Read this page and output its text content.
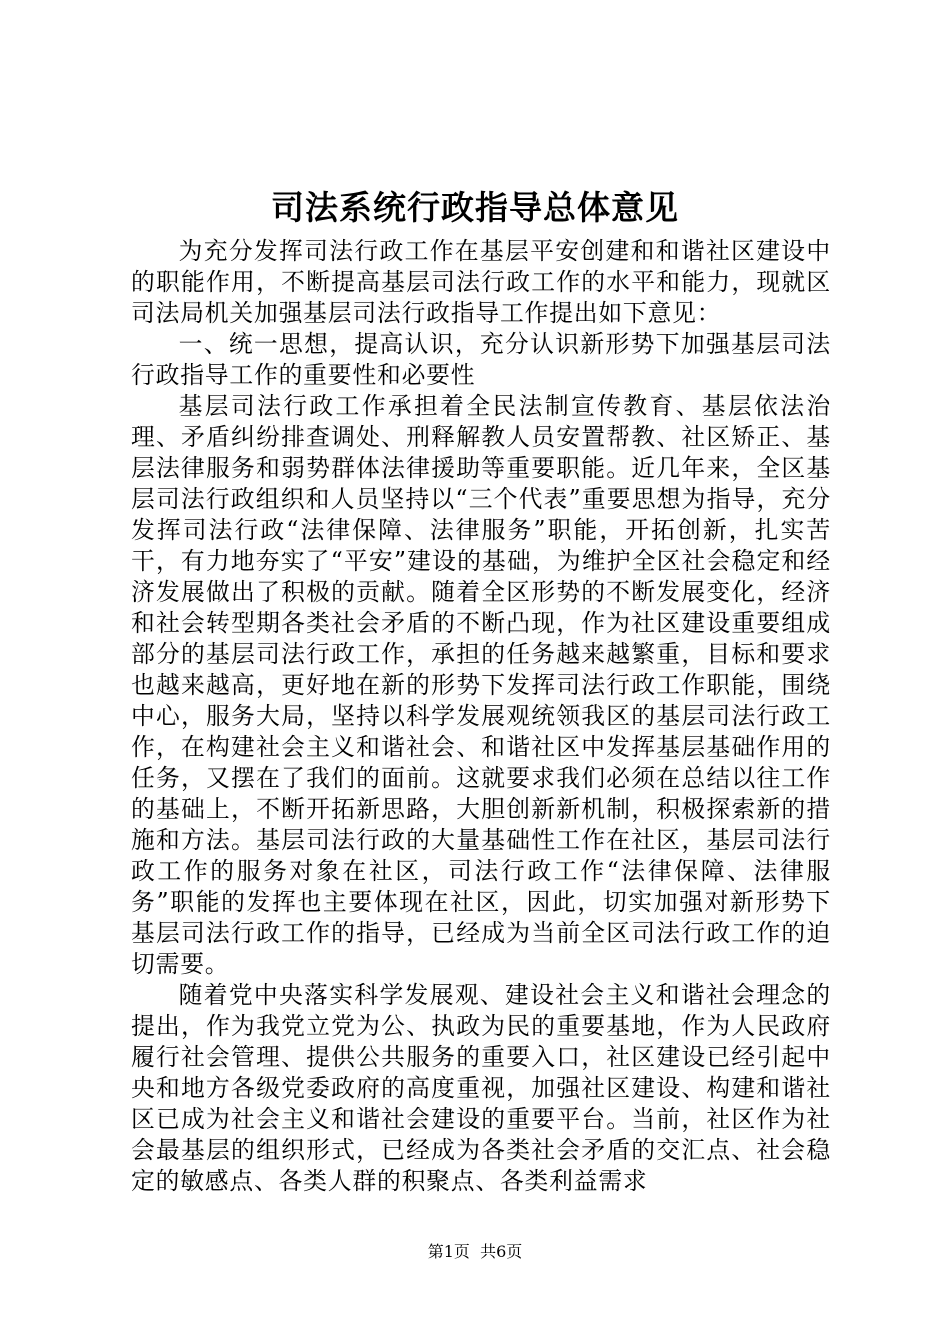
司法系统行政指导总体意见

为充分发挥司法行政工作在基层平安创建和和谐社区建设中的职能作用，不断提高基层司法行政工作的水平和能力，现就区司法局机关加强基层司法行政指导工作提出如下意见：

一、统一思想，提高认识，充分认识新形势下加强基层司法行政指导工作的重要性和必要性

基层司法行政工作承担着全民法制宣传教育、基层依法治理、矛盾纠纷排查调处、刑释解教人员安置帮教、社区矫正、基层法律服务和弱势群体法律援助等重要职能。近几年来，全区基层司法行政组织和人员坚持以“三个代表”重要思想为指导，充分发挥司法行政“法律保障、法律服务”职能，开拓创新，扎实苦干，有力地夯实了“平安”建设的基础，为维护全区社会稳定和经济发展做出了积极的贡献。随着全区形势的不断发展变化，经济和社会转型期各类社会矛盾的不断凸现，作为社区建设重要组成部分的基层司法行政工作，承担的任务越来越繁重，目标和要求也越来越高，更好地在新的形势下发挥司法行政工作职能，围绕中心，服务大局，坚持以科学发展观统领我区的基层司法行政工作，在构建社会主义和谐社会、和谐社区中发挥基层基础作用的任务，又摆在了我们的面前。这就要求我们必须在总结以往工作的基础上，不断开拓新思路，大胆创新新机制，积极探索新的措施和方法。基层司法行政的大量基础性工作在社区，基层司法行政工作的服务对象在社区，司法行政工作“法律保障、法律服务”职能的发挥也主要体现在社区，因此，切实加强对新形势下基层司法行政工作的指导，已经成为当前全区司法行政工作的迫切需要。

随着党中央落实科学发展观、建设社会主义和谐社会理念的提出，作为我党立党为公、执政为民的重要基地，作为人民政府履行社会管理、提供公共服务的重要入口，社区建设已经引起中央和地方各级党委政府的高度重视，加强社区建设、构建和谐社区已成为社会主义和谐社会建设的重要平台。当前，社区作为社会最基层的组织形式，已经成为各类社会矛盾的交汇点、社会稳定的敏感点、各类人群的积聚点、各类利益需求

第1页 共6页
